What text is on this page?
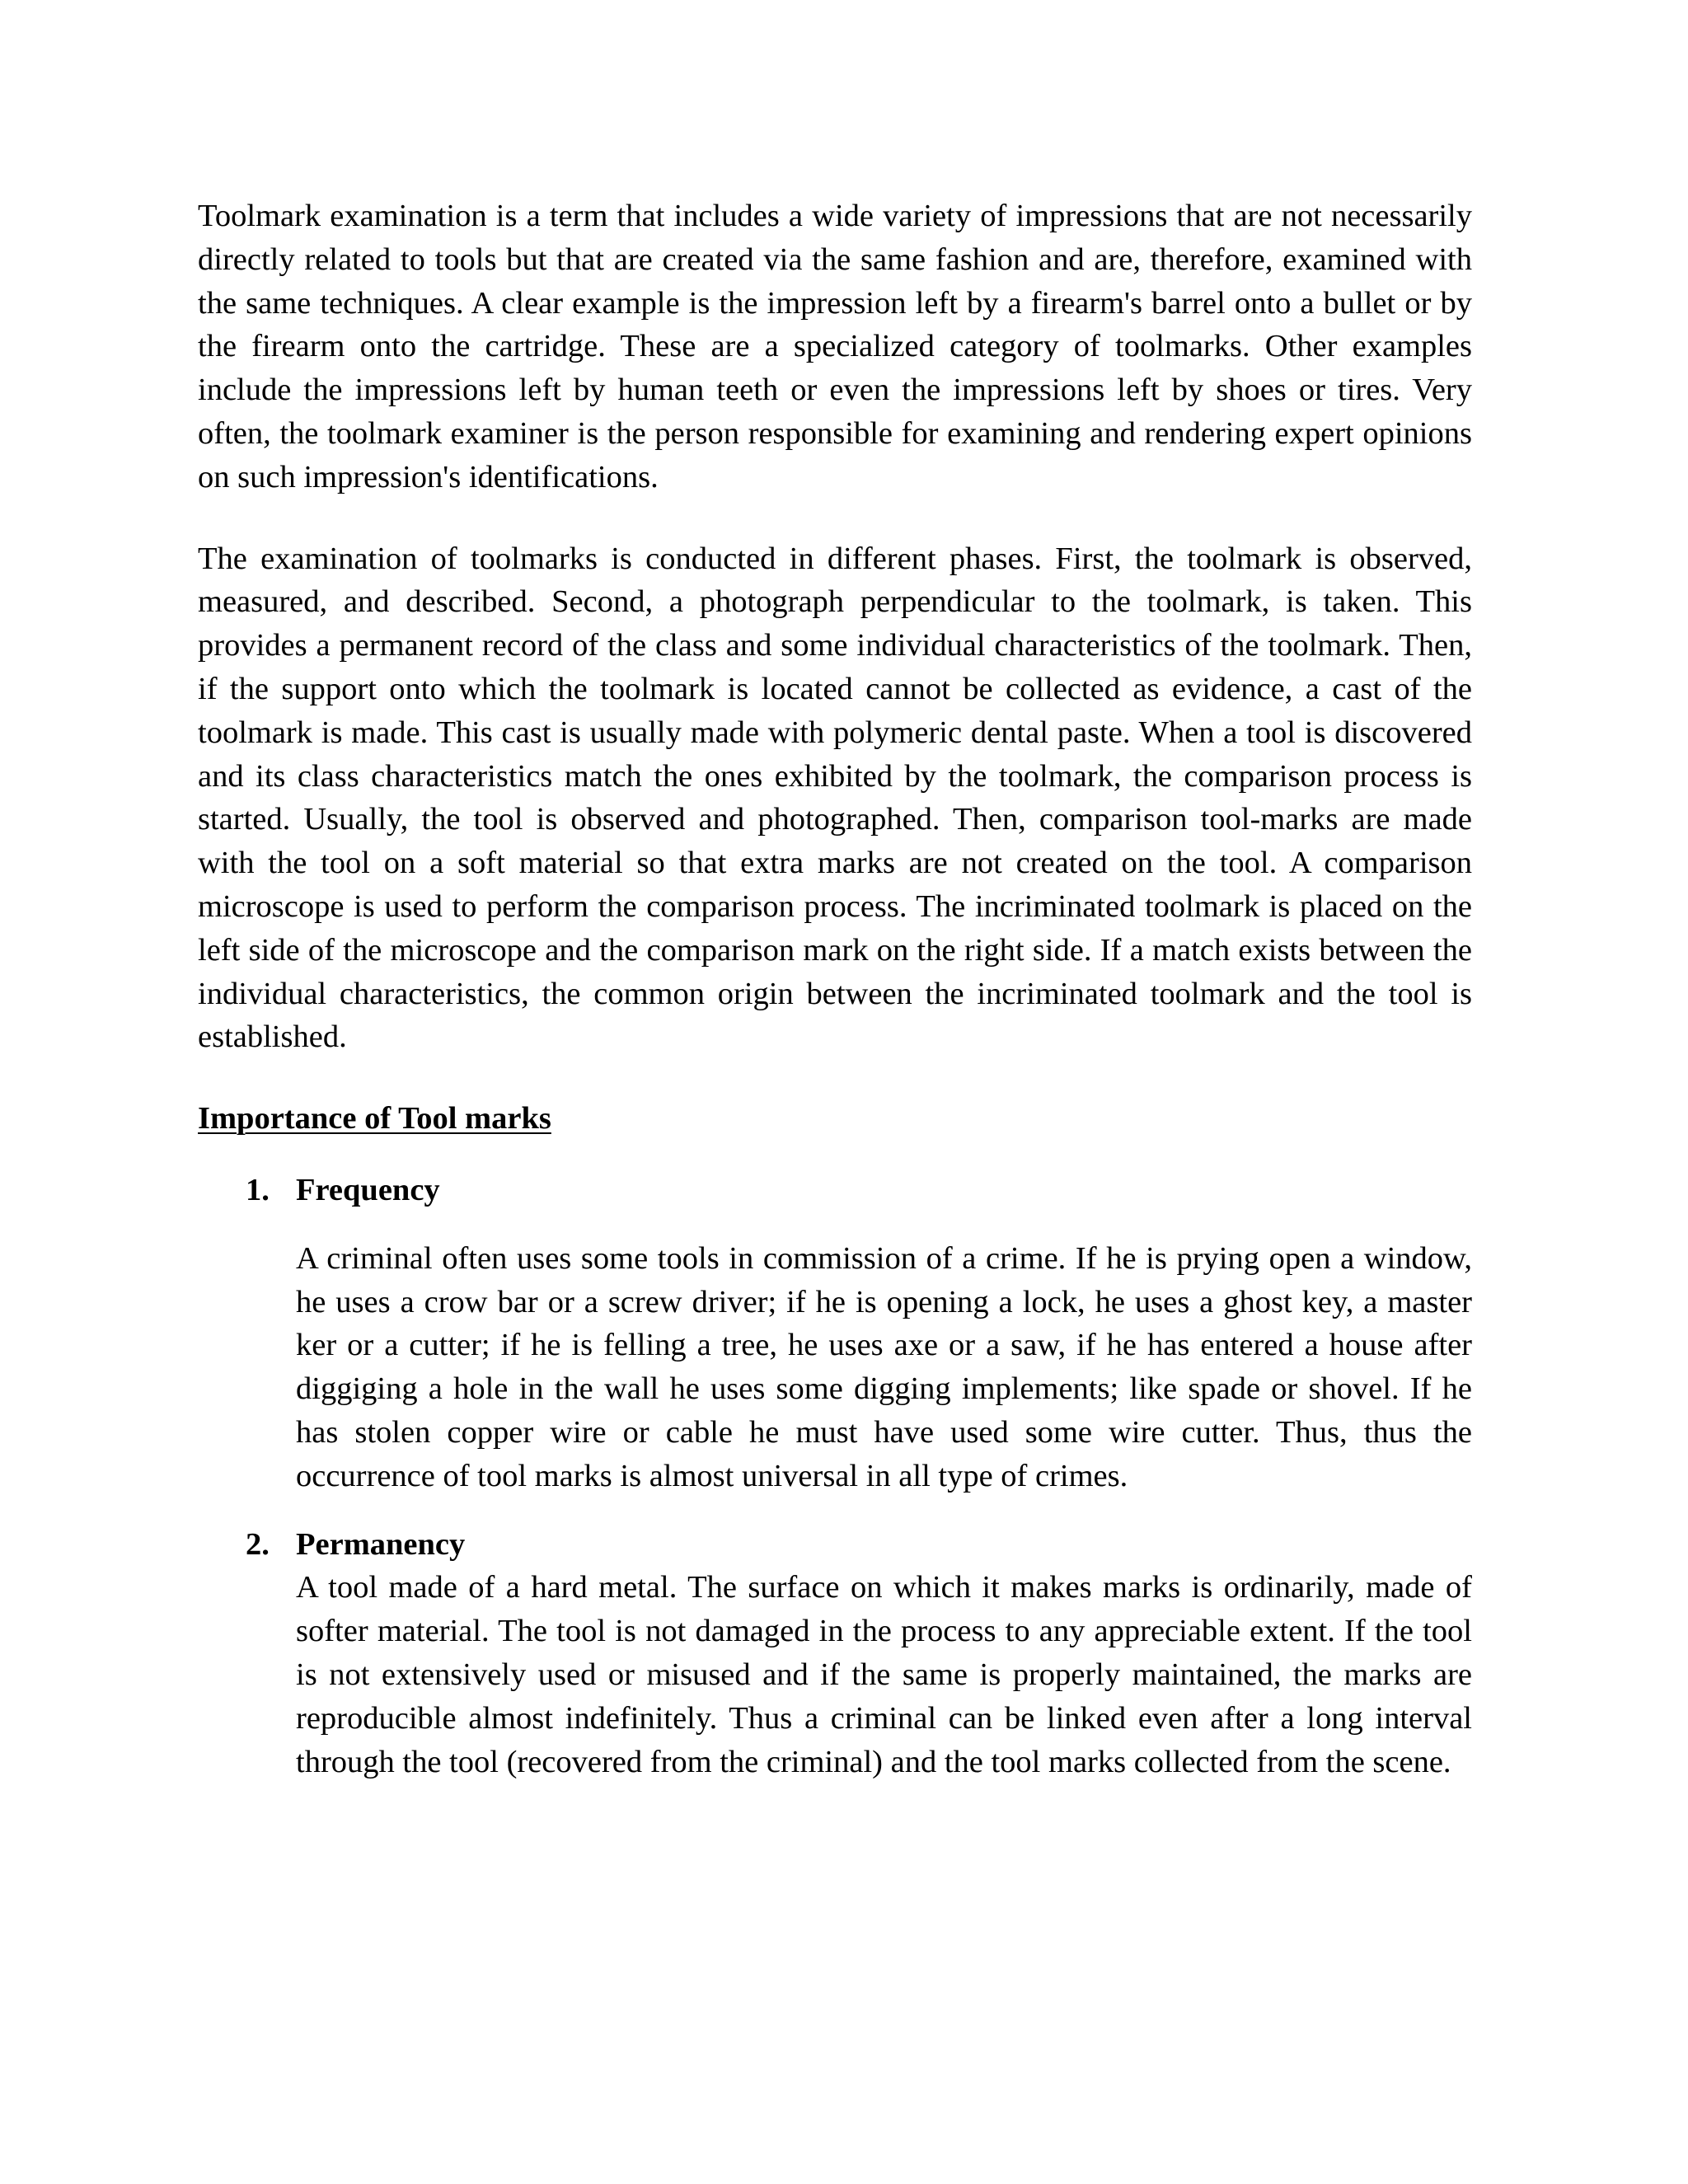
Toolmark examination is a term that includes a wide variety of impressions that are not necessarily directly related to tools but that are created via the same fashion and are, therefore, examined with the same techniques. A clear example is the impression left by a firearm's barrel onto a bullet or by the firearm onto the cartridge. These are a specialized category of toolmarks. Other examples include the impressions left by human teeth or even the impressions left by shoes or tires. Very often, the toolmark examiner is the person responsible for examining and rendering expert opinions on such impression's identifications.

The examination of toolmarks is conducted in different phases. First, the toolmark is observed, measured, and described. Second, a photograph perpendicular to the toolmark, is taken. This provides a permanent record of the class and some individual characteristics of the toolmark. Then, if the support onto which the toolmark is located cannot be collected as evidence, a cast of the toolmark is made. This cast is usually made with polymeric dental paste. When a tool is discovered and its class characteristics match the ones exhibited by the toolmark, the comparison process is started. Usually, the tool is observed and photographed. Then, comparison tool-marks are made with the tool on a soft material so that extra marks are not created on the tool. A comparison microscope is used to perform the comparison process. The incriminated toolmark is placed on the left side of the microscope and the comparison mark on the right side. If a match exists between the individual characteristics, the common origin between the incriminated toolmark and the tool is established.

Importance of Tool marks
1. Frequency

A criminal often uses some tools in commission of a crime. If he is prying open a window, he uses a crow bar or a screw driver; if he is opening a lock, he uses a ghost key, a master ker or a cutter; if he is felling a tree, he uses axe or a saw, if he has entered a house after diggiging a hole in the wall he uses some digging implements; like spade or shovel. If he has stolen copper wire or cable he must have used some wire cutter. Thus, thus the occurrence of tool marks is almost universal in all type of crimes.

2. Permanency

A tool made of a hard metal. The surface on which it makes marks is ordinarily, made of softer material. The tool is not damaged in the process to any appreciable extent. If the tool is not extensively used or misused and if the same is properly maintained, the marks are reproducible almost indefinitely. Thus a criminal can be linked even after a long interval through the tool (recovered from the criminal) and the tool marks collected from the scene.
